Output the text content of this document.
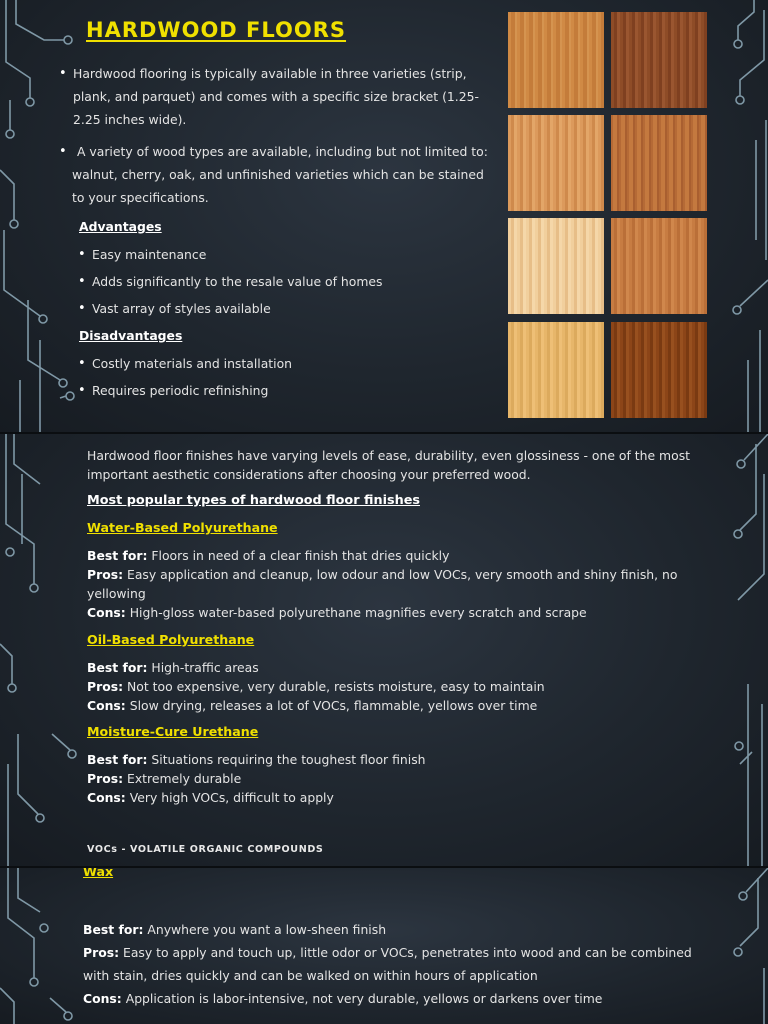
HARDWOOD FLOORS
• Hardwood flooring is typically available in three varieties (strip,
plank, and parquet) and comes with a specific size bracket (1.25-
2.25 inches wide).
• A variety of wood types are available, including but not limited to:
walnut, cherry, oak, and unfinished varieties which can be stained
to your specifications.
Advantages
• Easy maintenance
• Adds significantly to the resale value of homes
• Vast array of styles available
Disadvantages
• Costly materials and installation
• Requires periodic refinishing
Hardwood floor finishes have varying levels of ease, durability, even glossiness - one of the most
important aesthetic considerations after choosing your preferred wood.
Most popular types of hardwood floor finishes
Water-Based Polyurethane
Best for: Floors in need of a clear finish that dries quickly
Pros: Easy application and cleanup, low odour and low VOCs, very smooth and shiny finish, no
yellowing
Cons: High-gloss water-based polyurethane magnifies every scratch and scrape
Oil-Based Polyurethane
Best for: High-traffic areas
Pros: Not too expensive, very durable, resists moisture, easy to maintain
Cons: Slow drying, releases a lot of VOCs, flammable, yellows over time
Moisture-Cure Urethane
Best for: Situations requiring the toughest floor finish
Pros: Extremely durable
Cons: Very high VOCs, difficult to apply
VOCs - VOLATILE ORGANIC COMPOUNDS
Wax
Best for: Anywhere you want a low-sheen finish
Pros: Easy to apply and touch up, little odor or VOCs, penetrates into wood and can be combined
with stain, dries quickly and can be walked on within hours of application
Cons: Application is labor-intensive, not very durable, yellows or darkens over time
